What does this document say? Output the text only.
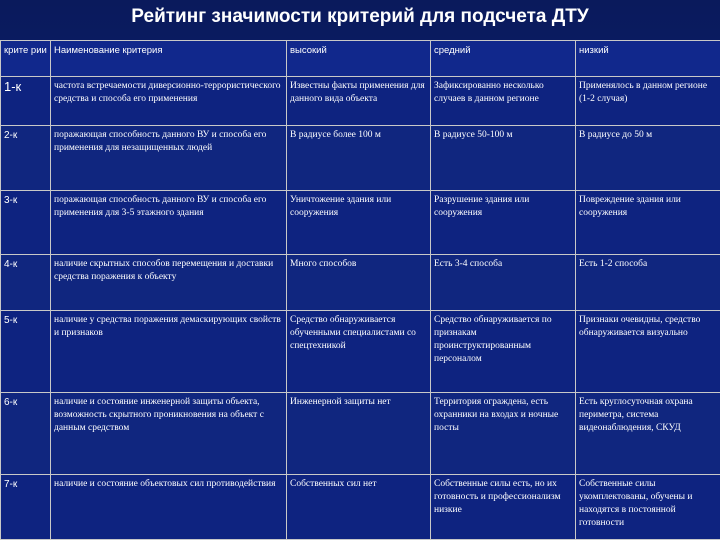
Рейтинг значимости критерий для подсчета ДТУ
крите рии	Наименование критерия	высокий	средний	низкий
1-к	частота встречаемости диверсионно-террористического средства и способа его применения	Известны факты применения для данного вида объекта	Зафиксированно несколько случаев в данном регионе	Применялось в данном регионе (1-2 случая)
2-к	поражающая способность данного ВУ и способа его применения для незащищенных людей	В радиусе более 100 м	В радиусе 50-100 м	В радиусе до 50 м
3-к	поражающая способность данного ВУ и способа его применения для 3-5 этажного здания	Уничтожение здания или сооружения	Разрушение здания или сооружения	Повреждение здания или сооружения
4-к	наличие скрытных способов перемещения и доставки средства поражения к объекту	Много способов	Есть 3-4 способа	Есть 1-2 способа
5-к	наличие у средства поражения демаскирующих свойств и признаков	Средство обнаруживается обученными специалистами со спецтехникой	Средство обнаруживается по признакам проинструктированным персоналом	Признаки очевидны, средство обнаруживается визуально
6-к	наличие и состояние инженерной защиты объекта, возможность скрытного проникновения на объект с данным средством	Инженерной защиты нет	Территория ограждена, есть охранники на входах и ночные посты	Есть круглосуточная охрана периметра, система видеонаблюдения, СКУД
7-к	наличие и состояние объектовых сил противодействия	Собственных сил нет	Собственные силы есть, но их готовность и профессионализм низкие	Собственные силы укомплектованы, обучены и находятся в постоянной готовности
